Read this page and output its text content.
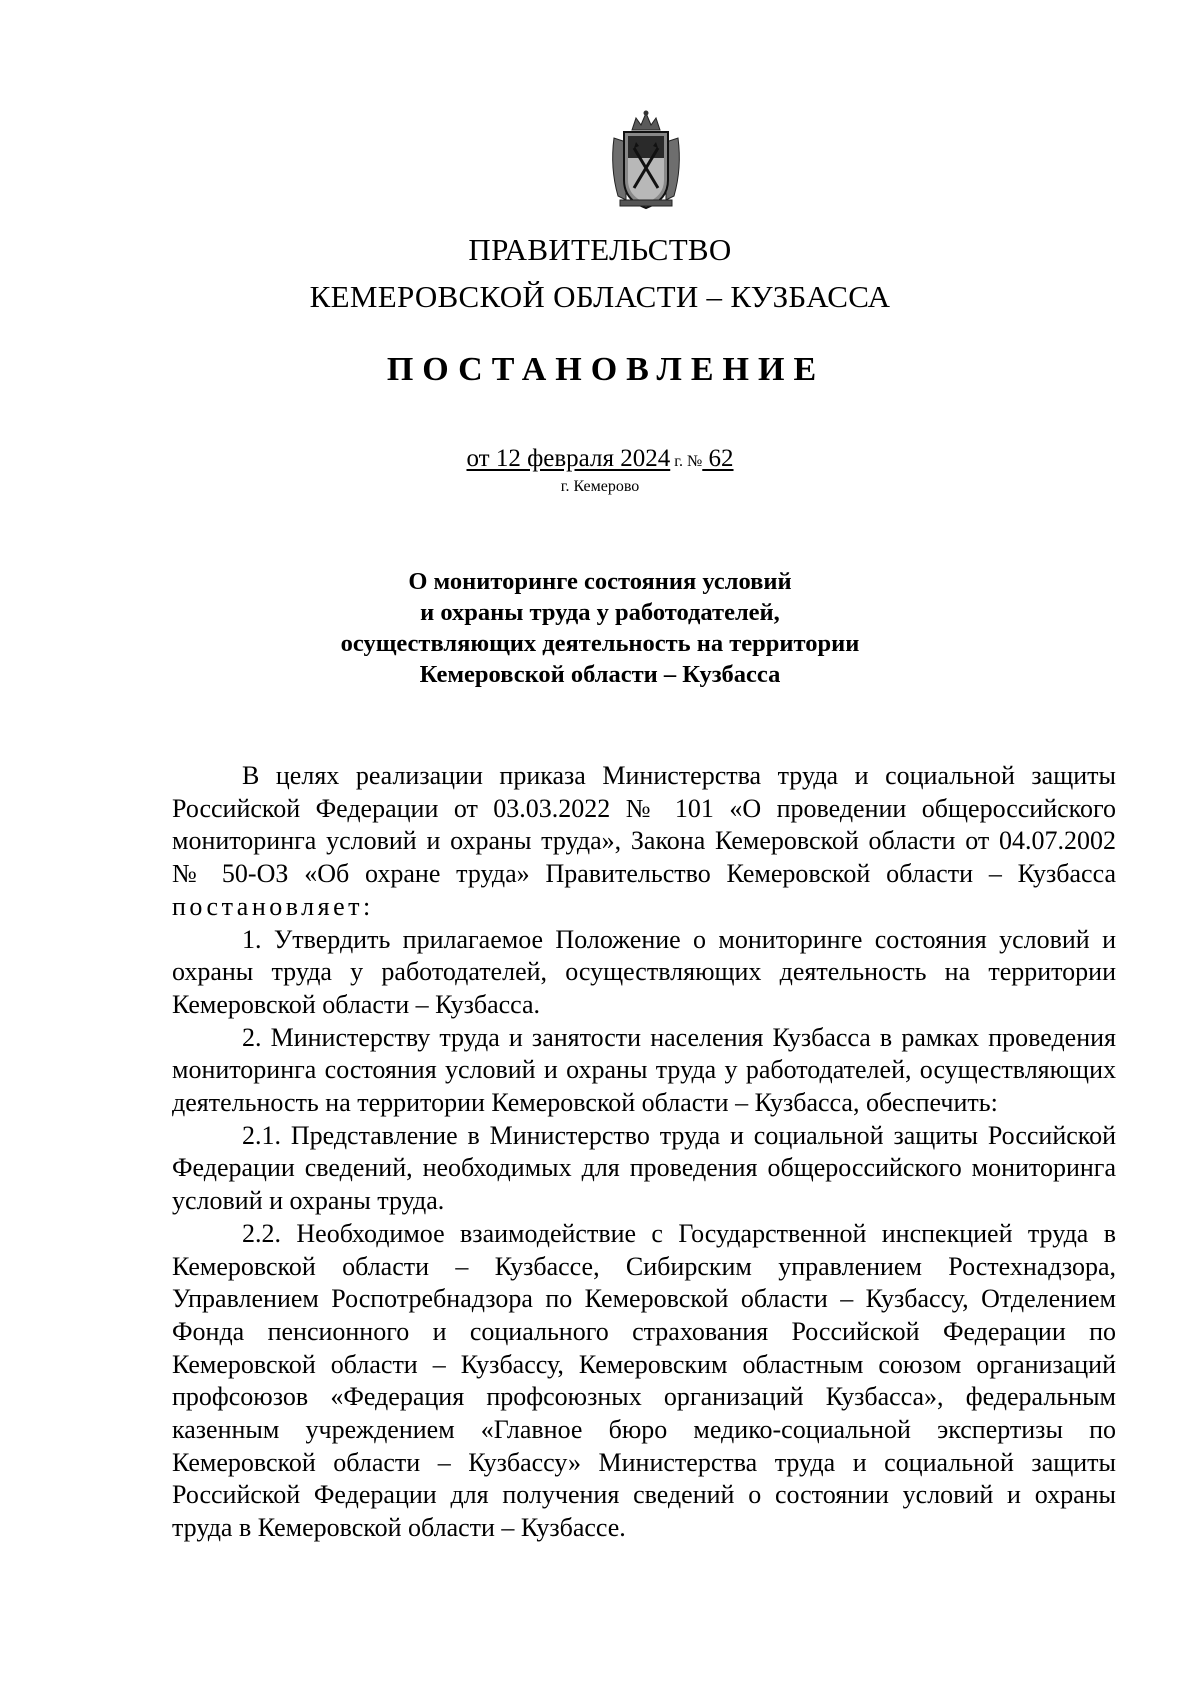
ПРАВИТЕЛЬСТВО
КЕМЕРОВСКОЙ ОБЛАСТИ – КУЗБАССА
ПОСТАНОВЛЕНИЕ
от 12 февраля 2024 г. № 62
г. Кемерово
О мониторинге состояния условий
и охраны труда у работодателей,
осуществляющих деятельность на территории
Кемеровской области – Кузбасса

В целях реализации приказа Министерства труда и социальной защиты Российской Федерации от 03.03.2022 № 101 «О проведении общероссийского мониторинга условий и охраны труда», Закона Кемеровской области от 04.07.2002 № 50-ОЗ «Об охране труда» Правительство Кемеровской области – Кузбасса постановляет:

1. Утвердить прилагаемое Положение о мониторинге состояния условий и охраны труда у работодателей, осуществляющих деятельность на территории Кемеровской области – Кузбасса.

2. Министерству труда и занятости населения Кузбасса в рамках проведения мониторинга состояния условий и охраны труда у работодателей, осуществляющих деятельность на территории Кемеровской области – Кузбасса, обеспечить:

2.1. Представление в Министерство труда и социальной защиты Российской Федерации сведений, необходимых для проведения общероссийского мониторинга условий и охраны труда.

2.2. Необходимое взаимодействие с Государственной инспекцией труда в Кемеровской области – Кузбассе, Сибирским управлением Ростехнадзора, Управлением Роспотребнадзора по Кемеровской области – Кузбассу, Отделением Фонда пенсионного и социального страхования Российской Федерации по Кемеровской области – Кузбассу, Кемеровским областным союзом организаций профсоюзов «Федерация профсоюзных организаций Кузбасса», федеральным казенным учреждением «Главное бюро медико-социальной экспертизы по Кемеровской области – Кузбассу» Министерства труда и социальной защиты Российской Федерации для получения сведений о состоянии условий и охраны труда в Кемеровской области – Кузбассе.
